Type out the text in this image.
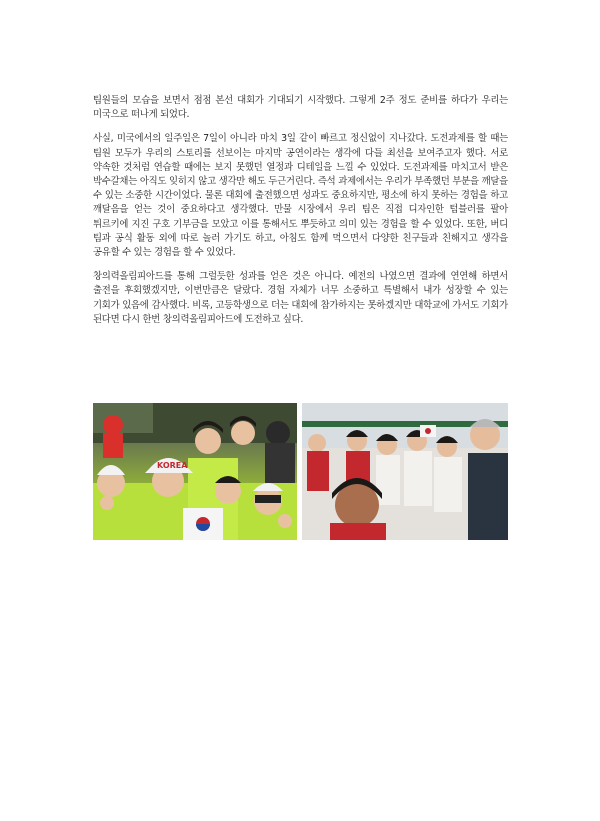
팀원들의 모습을 보면서 점점 본선 대회가 기대되기 시작했다. 그렇게 2주 정도 준비를 하다가 우리는 미국으로 떠나게 되었다.

사실, 미국에서의 일주일은 7일이 아니라 마치 3일 같이 빠르고 정신없이 지나갔다. 도전과제를 할 때는 팀원 모두가 우리의 스토리를 선보이는 마지막 공연이라는 생각에 다들 최선을 보여주고자 했다. 서로 약속한 것처럼 연습할 때에는 보지 못했던 열정과 디테일을 느낄 수 있었다. 도전과제를 마치고서 받은 박수갈채는 아직도 잊히지 않고 생각만 해도 두근거린다. 즉석 과제에서는 우리가 부족했던 부분을 깨달을 수 있는 소중한 시간이었다. 물론 대회에 출전했으면 성과도 중요하지만, 평소에 하지 못하는 경험을 하고 깨달음을 얻는 것이 중요하다고 생각했다. 만물 시장에서 우리 팀은 직접 디자인한 텀블러를 팔아 튀르키에 지진 구호 기부금을 모았고 이를 통해서도 뿌듯하고 의미 있는 경험을 할 수 있었다. 또한, 버디 팀과 공식 활동 외에 따로 놀러 가기도 하고, 아침도 함께 먹으면서 다양한 친구들과 친해지고 생각을 공유할 수 있는 경험을 할 수 있었다.

창의력올림피아드를 통해 그럴듯한 성과를 얻은 것은 아니다. 예전의 나였으면 결과에 연연해 하면서 출전을 후회했겠지만, 이번만큼은 달랐다. 경험 자체가 너무 소중하고 특별해서 내가 성장할 수 있는 기회가 있음에 감사했다. 비록, 고등학생으로 더는 대회에 참가하지는 못하겠지만 대학교에 가서도 기회가 된다면 다시 한번 창의력올림피아드에 도전하고 싶다.

KOREA
